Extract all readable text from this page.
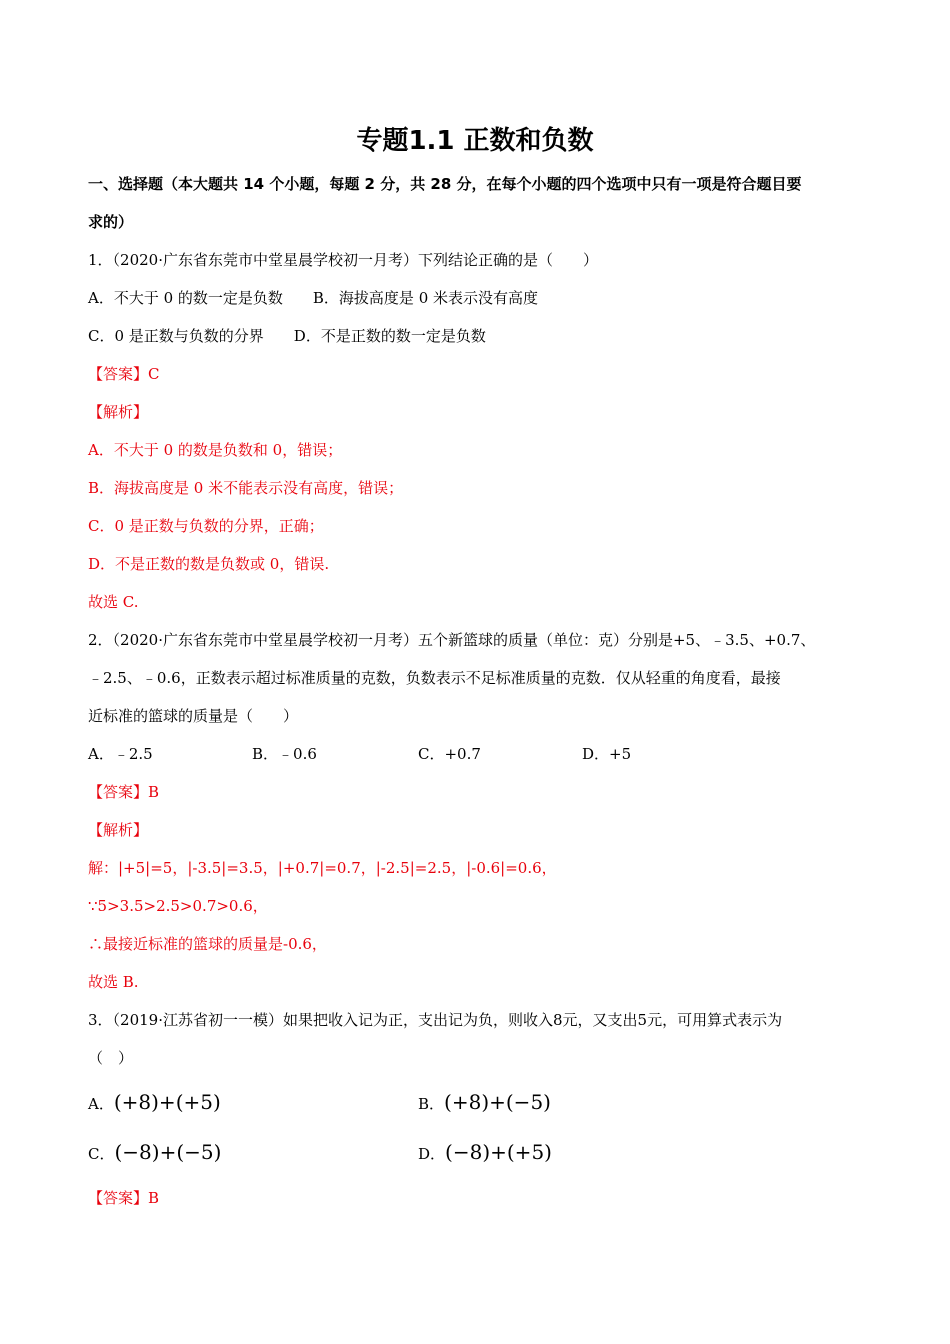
专题1.1 正数和负数
一、选择题（本大题共 14 个小题，每题 2 分，共 28 分，在每个小题的四个选项中只有一项是符合题目要
求的）
1．（2020·广东省东莞市中堂星晨学校初一月考）下列结论正确的是（　　）
A．不大于 0 的数一定是负数　　B．海拔高度是 0 米表示没有高度
C．0 是正数与负数的分界　　D．不是正数的数一定是负数
【答案】C
【解析】
A．不大于 0 的数是负数和 0，错误；
B．海拔高度是 0 米不能表示没有高度，错误；
C．0 是正数与负数的分界，正确；
D．不是正数的数是负数或 0，错误.
故选 C.
2．（2020·广东省东莞市中堂星晨学校初一月考）五个新篮球的质量（单位：克）分别是+5、﹣3.5、+0.7、
﹣2.5、﹣0.6，正数表示超过标准质量的克数，负数表示不足标准质量的克数．仅从轻重的角度看，最接
近标准的篮球的质量是（　　）
A．﹣2.5	B．﹣0.6	C．+0.7	D．+5
【答案】B
【解析】
解：|+5|=5，|-3.5|=3.5，|+0.7|=0.7，|-2.5|=2.5，|-0.6|=0.6，
∵5>3.5>2.5>0.7>0.6，
∴最接近标准的篮球的质量是-0.6，
故选 B.
3．（2019·江苏省初一一模）如果把收入记为正，支出记为负，则收入8元，又支出5元，可用算式表示为
（　）
A．(+8)+(+5)	B．(+8)+(−5)
C．(−8)+(−5)	D．(−8)+(+5)
【答案】B
